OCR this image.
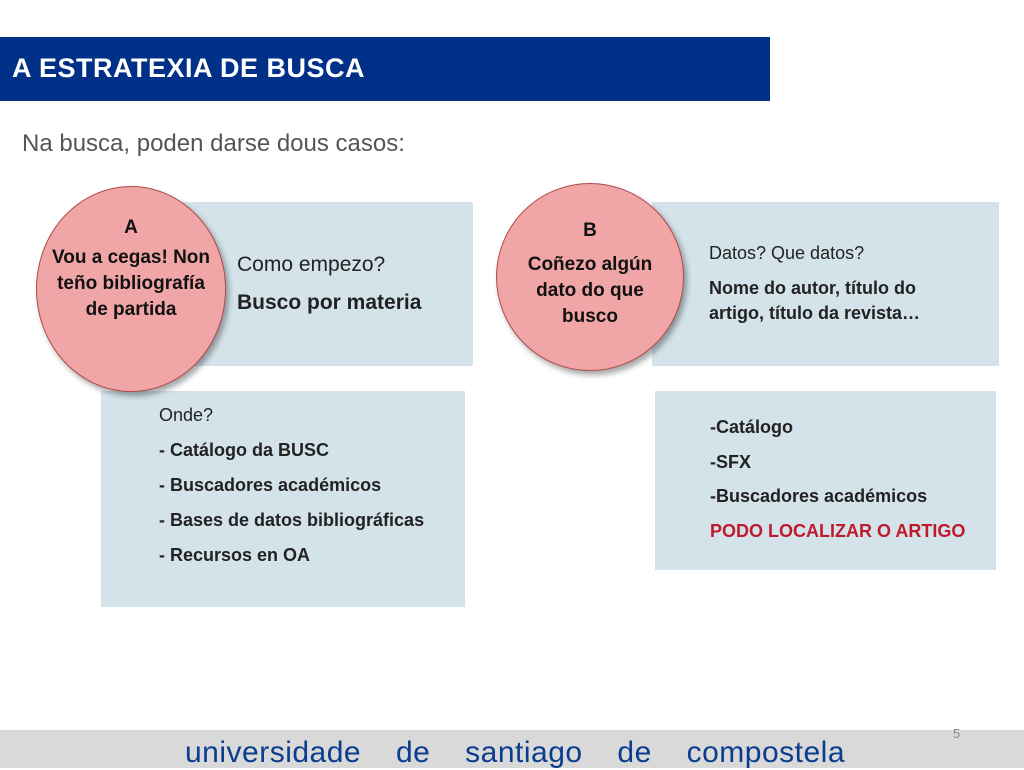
A ESTRATEXIA DE BUSCA
Na busca, poden darse dous casos:
Como empezo?
Busco por materia
Onde?
- Catálogo da BUSC
- Buscadores académicos
- Bases de datos bibliográficas
- Recursos en OA
A
Vou a cegas! Non teño bibliografía de partida
Datos? Que datos?
Nome do autor, título do
artigo, título da revista…
-Catálogo
-SFX
-Buscadores académicos
PODO LOCALIZAR O ARTIGO
B
Coñezo algún dato do que busco
5
universidade de santiago de compostela
